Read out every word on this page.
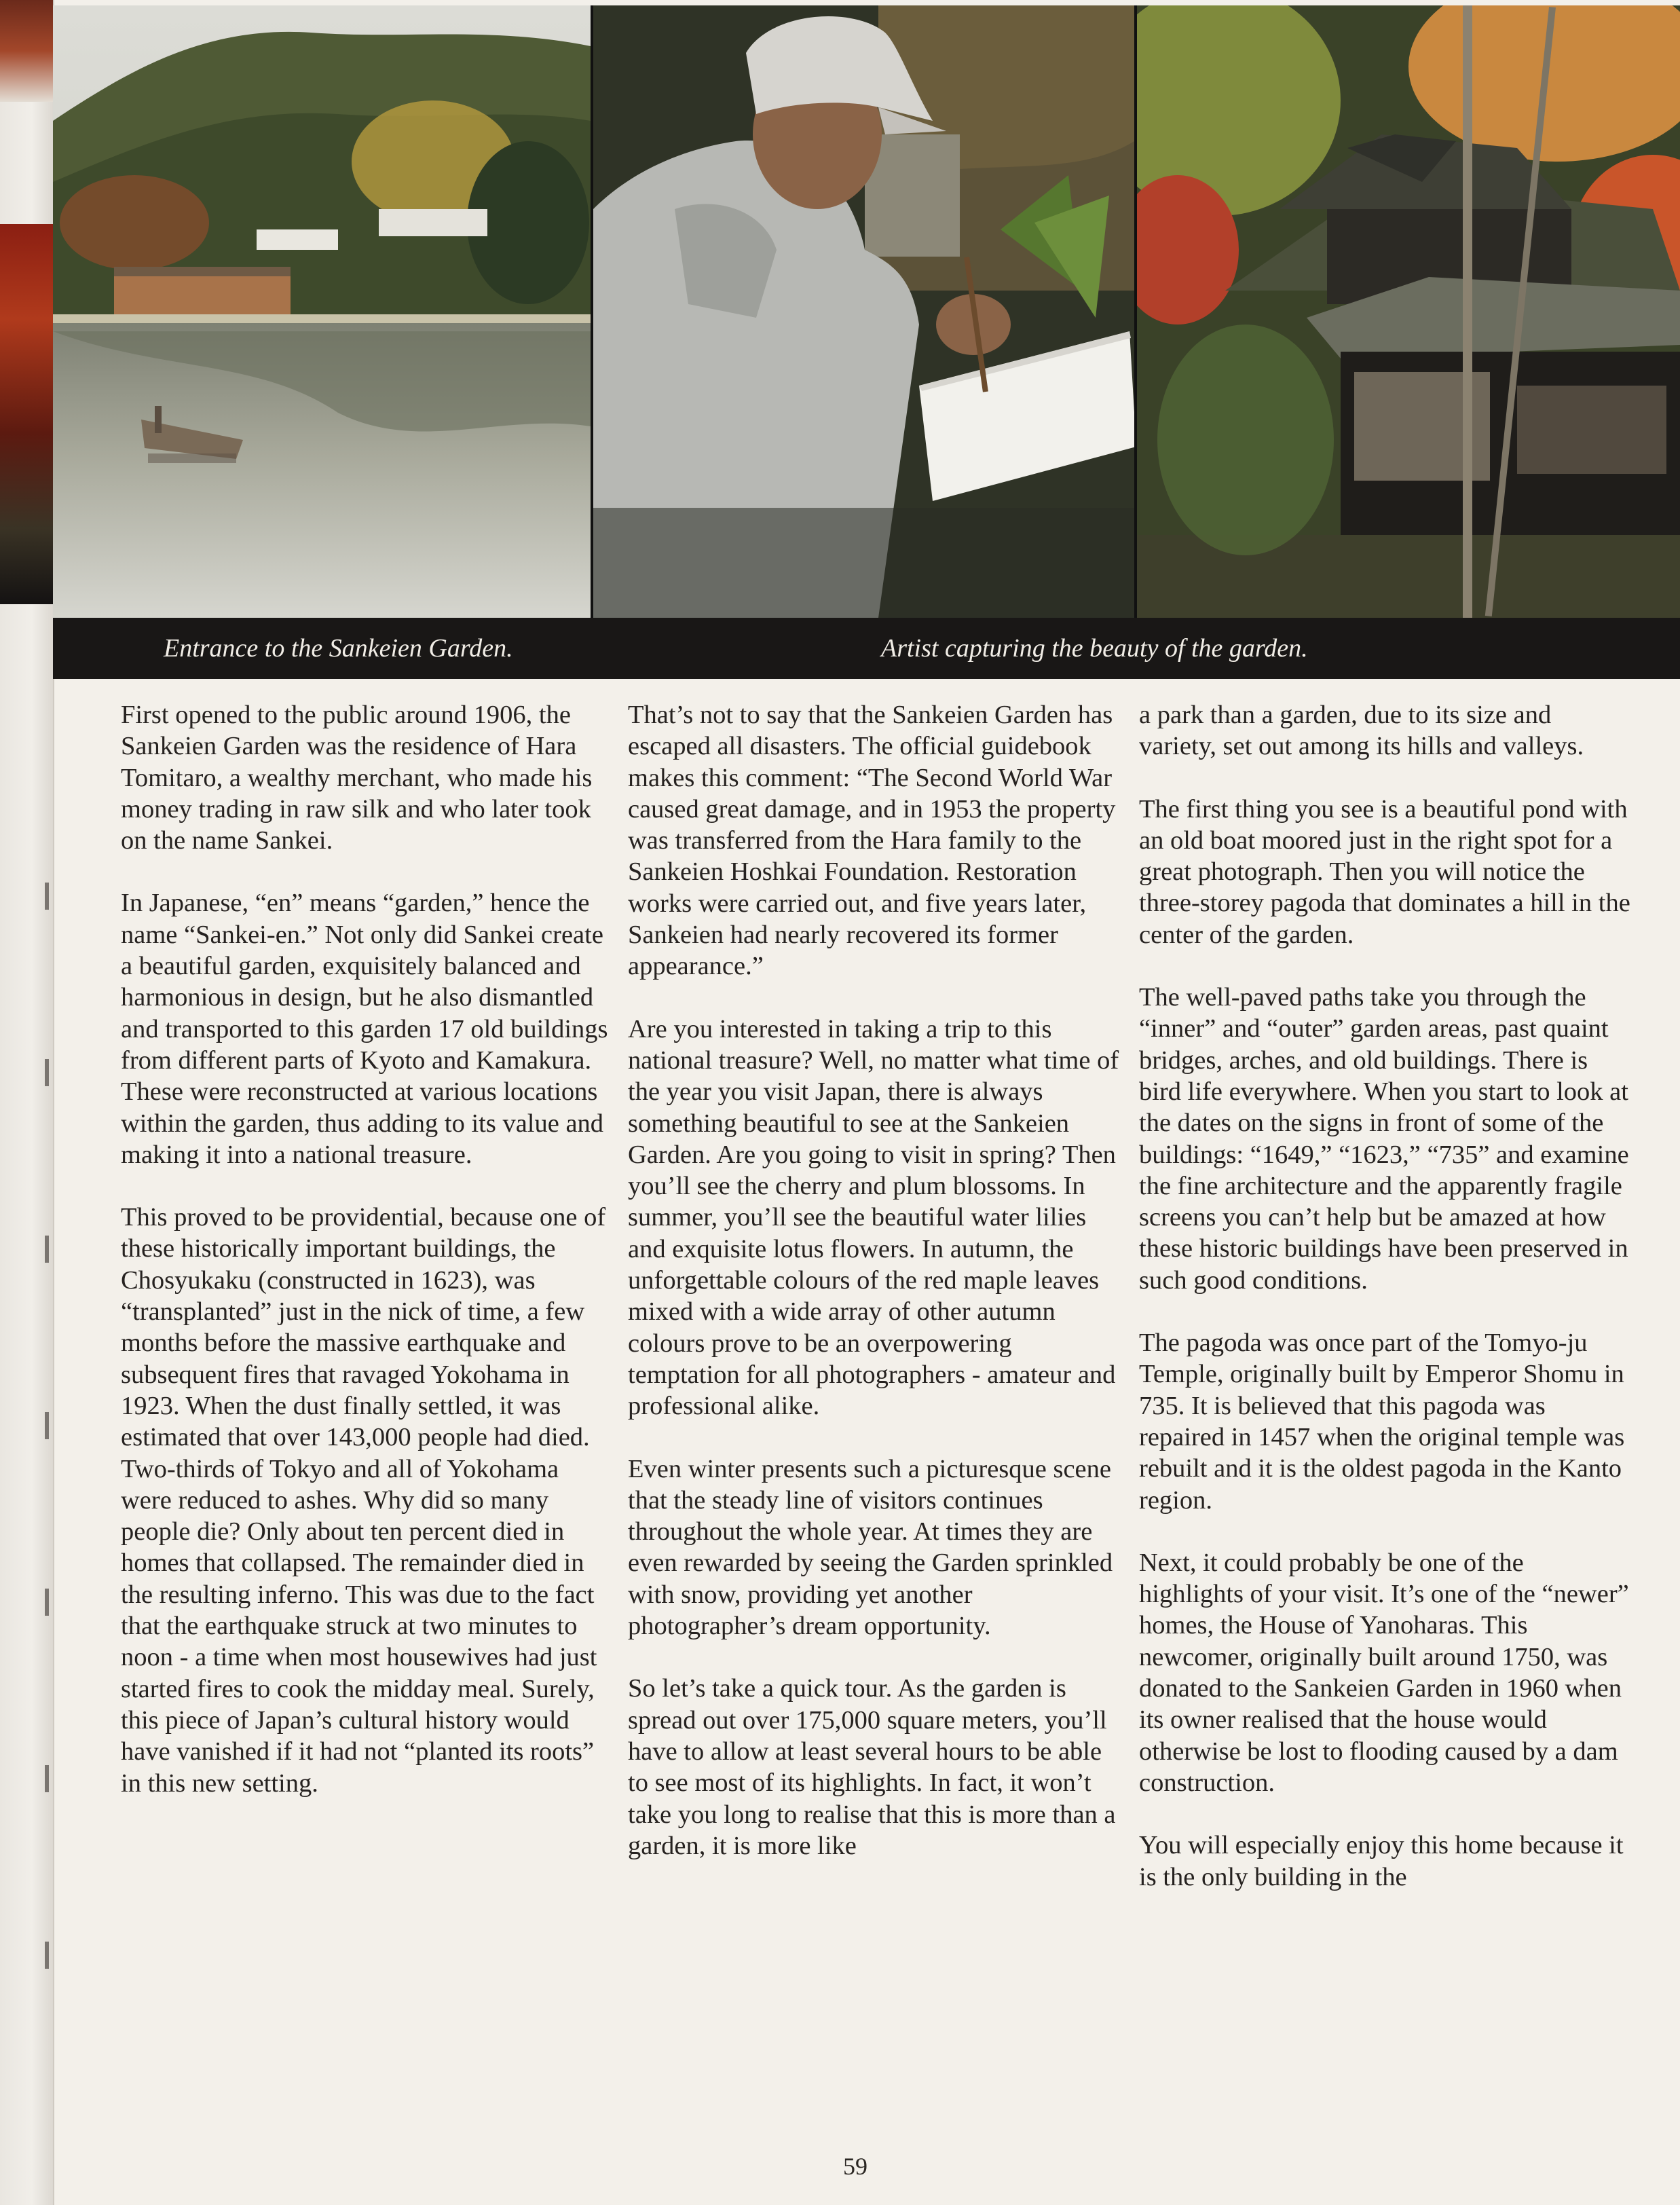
Entrance to the Sankeien Garden.	Artist capturing the beauty of the garden.

First opened to the public around 1906, the Sankeien Garden was the residence of Hara Tomitaro, a wealthy merchant, who made his money trading in raw silk and who later took on the name Sankei.

In Japanese, “en” means “garden,” hence the name “Sankei-en.” Not only did Sankei create a beautiful garden, exquisitely balanced and harmonious in design, but he also dismantled and transported to this garden 17 old buildings from different parts of Kyoto and Kamakura. These were reconstructed at various locations within the garden, thus adding to its value and making it into a national treasure.

This proved to be providential, because one of these historically important buildings, the Chosyukaku (constructed in 1623), was “transplanted” just in the nick of time, a few months before the massive earthquake and subsequent fires that ravaged Yokohama in 1923. When the dust finally settled, it was estimated that over 143,000 people had died. Two-thirds of Tokyo and all of Yokohama were reduced to ashes. Why did so many people die? Only about ten percent died in homes that collapsed. The remainder died in the resulting inferno. This was due to the fact that the earthquake struck at two minutes to noon - a time when most housewives had just started fires to cook the midday meal. Surely, this piece of Japan’s cultural history would have vanished if it had not “planted its roots” in this new setting.

That’s not to say that the Sankeien Garden has escaped all disasters. The official guidebook makes this comment: “The Second World War caused great damage, and in 1953 the property was transferred from the Hara family to the Sankeien Hoshkai Foundation. Restoration works were carried out, and five years later, Sankeien had nearly recovered its former appearance.”

Are you interested in taking a trip to this national treasure? Well, no matter what time of the year you visit Japan, there is always something beautiful to see at the Sankeien Garden. Are you going to visit in spring? Then you’ll see the cherry and plum blossoms. In summer, you’ll see the beautiful water lilies and exquisite lotus flowers. In autumn, the unforgettable colours of the red maple leaves mixed with a wide array of other autumn colours prove to be an overpowering temptation for all photographers - amateur and professional alike.

Even winter presents such a picturesque scene that the steady line of visitors continues throughout the whole year. At times they are even rewarded by seeing the Garden sprinkled with snow, providing yet another photographer’s dream opportunity.

So let’s take a quick tour. As the garden is spread out over 175,000 square meters, you’ll have to allow at least several hours to be able to see most of its highlights. In fact, it won’t take you long to realise that this is more than a garden, it is more like

a park than a garden, due to its size and variety, set out among its hills and valleys.

The first thing you see is a beautiful pond with an old boat moored just in the right spot for a great photograph. Then you will notice the three-storey pagoda that dominates a hill in the center of the garden.

The well-paved paths take you through the “inner” and “outer” garden areas, past quaint bridges, arches, and old buildings. There is bird life everywhere. When you start to look at the dates on the signs in front of some of the buildings: “1649,” “1623,” “735” and examine the fine architecture and the apparently fragile screens you can’t help but be amazed at how these historic buildings have been preserved in such good conditions.

The pagoda was once part of the Tomyo-ju Temple, originally built by Emperor Shomu in 735. It is believed that this pagoda was repaired in 1457 when the original temple was rebuilt and it is the oldest pagoda in the Kanto region.

Next, it could probably be one of the highlights of your visit. It’s one of the “newer” homes, the House of Yanoharas. This newcomer, originally built around 1750, was donated to the Sankeien Garden in 1960 when its owner realised that the house would otherwise be lost to flooding caused by a dam construction.

You will especially enjoy this home because it is the only building in the

59
